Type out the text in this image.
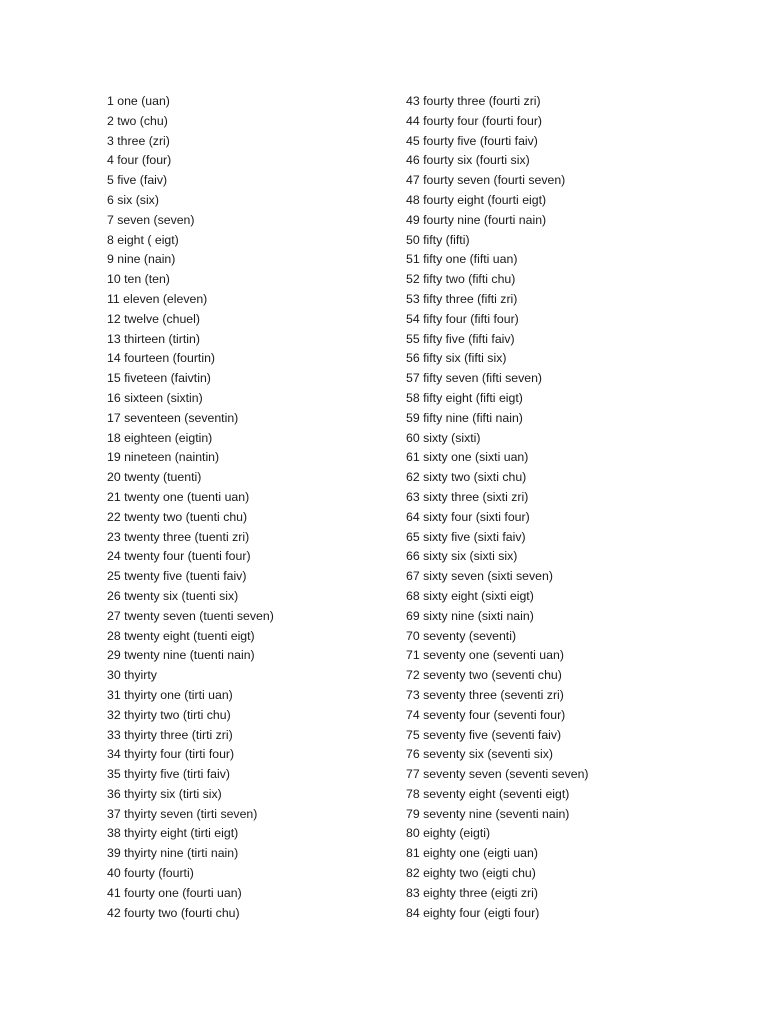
1 one (uan)
2 two (chu)
3 three (zri)
4 four (four)
5 five (faiv)
6 six (six)
7 seven (seven)
8 eight ( eigt)
9 nine (nain)
10 ten (ten)
11 eleven (eleven)
12 twelve (chuel)
13 thirteen (tirtin)
14 fourteen (fourtin)
15 fiveteen (faivtin)
16 sixteen (sixtin)
17 seventeen (seventin)
18 eighteen (eigtin)
19 nineteen (naintin)
20 twenty (tuenti)
21 twenty one (tuenti uan)
22 twenty two (tuenti chu)
23 twenty three (tuenti zri)
24 twenty four (tuenti four)
25 twenty five (tuenti faiv)
26 twenty six (tuenti six)
27 twenty seven (tuenti seven)
28 twenty eight (tuenti eigt)
29 twenty nine (tuenti nain)
30 thyirty
31 thyirty one (tirti uan)
32 thyirty two (tirti chu)
33 thyirty three (tirti zri)
34 thyirty four (tirti four)
35 thyirty five (tirti faiv)
36 thyirty six (tirti six)
37 thyirty seven (tirti seven)
38 thyirty eight (tirti eigt)
39 thyirty nine (tirti nain)
40 fourty (fourti)
41 fourty one (fourti uan)
42 fourty two (fourti chu)
43 fourty three (fourti zri)
44 fourty four (fourti four)
45 fourty five (fourti faiv)
46 fourty six (fourti six)
47 fourty seven (fourti seven)
48 fourty eight (fourti eigt)
49 fourty nine (fourti nain)
50 fifty (fifti)
51 fifty one (fifti uan)
52 fifty two (fifti chu)
53 fifty three (fifti zri)
54 fifty four (fifti four)
55 fifty five (fifti faiv)
56 fifty six (fifti six)
57 fifty seven (fifti seven)
58 fifty eight (fifti eigt)
59 fifty nine (fifti nain)
60 sixty (sixti)
61 sixty one (sixti uan)
62 sixty two (sixti chu)
63 sixty three (sixti zri)
64 sixty four (sixti four)
65 sixty five (sixti faiv)
66 sixty six (sixti six)
67 sixty seven (sixti seven)
68 sixty eight (sixti eigt)
69 sixty nine (sixti nain)
70 seventy (seventi)
71 seventy one (seventi uan)
72 seventy two (seventi chu)
73 seventy three (seventi zri)
74 seventy four (seventi four)
75 seventy five (seventi faiv)
76 seventy six (seventi six)
77 seventy seven (seventi seven)
78 seventy eight (seventi eigt)
79 seventy nine (seventi nain)
80 eighty (eigti)
81 eighty one (eigti uan)
82 eighty two (eigti chu)
83 eighty three (eigti zri)
84 eighty four (eigti four)
